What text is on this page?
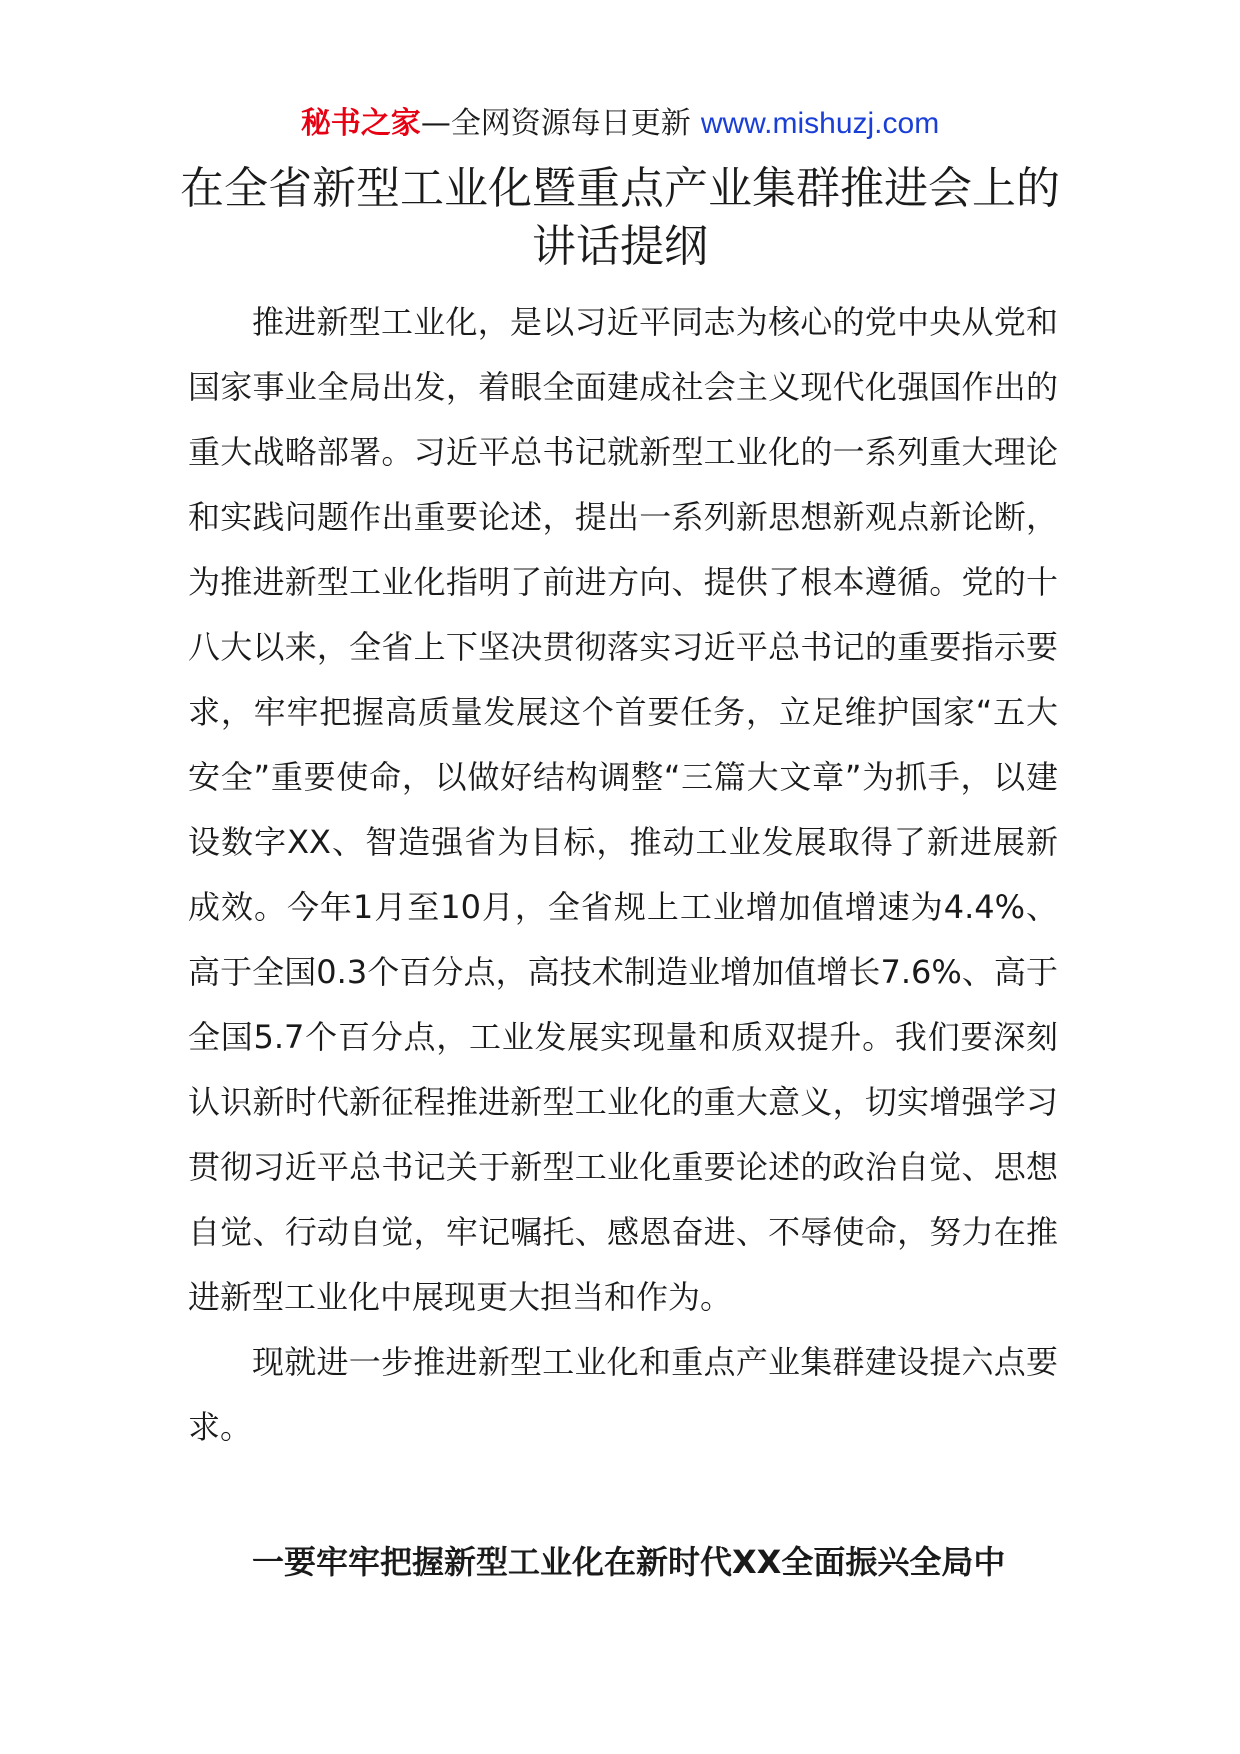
秘书之家—全网资源每日更新 www.mishuzj.com
在全省新型工业化暨重点产业集群推进会上的讲话提纲

推进新型工业化，是以习近平同志为核心的党中央从党和国家事业全局出发，着眼全面建成社会主义现代化强国作出的重大战略部署。习近平总书记就新型工业化的一系列重大理论和实践问题作出重要论述，提出一系列新思想新观点新论断，为推进新型工业化指明了前进方向、提供了根本遵循。党的十八大以来，全省上下坚决贯彻落实习近平总书记的重要指示要求，牢牢把握高质量发展这个首要任务，立足维护国家“五大安全”重要使命，以做好结构调整“三篇大文章”为抓手，以建设数字XX、智造强省为目标，推动工业发展取得了新进展新成效。今年1月至10月，全省规上工业增加值增速为4.4%、高于全国0.3个百分点，高技术制造业增加值增长7.6%、高于全国5.7个百分点，工业发展实现量和质双提升。我们要深刻认识新时代新征程推进新型工业化的重大意义，切实增强学习贯彻习近平总书记关于新型工业化重要论述的政治自觉、思想自觉、行动自觉，牢记嘱托、感恩奋进、不辱使命，努力在推进新型工业化中展现更大担当和作为。

现就进一步推进新型工业化和重点产业集群建设提六点要求。

一要牢牢把握新型工业化在新时代XX全面振兴全局中
